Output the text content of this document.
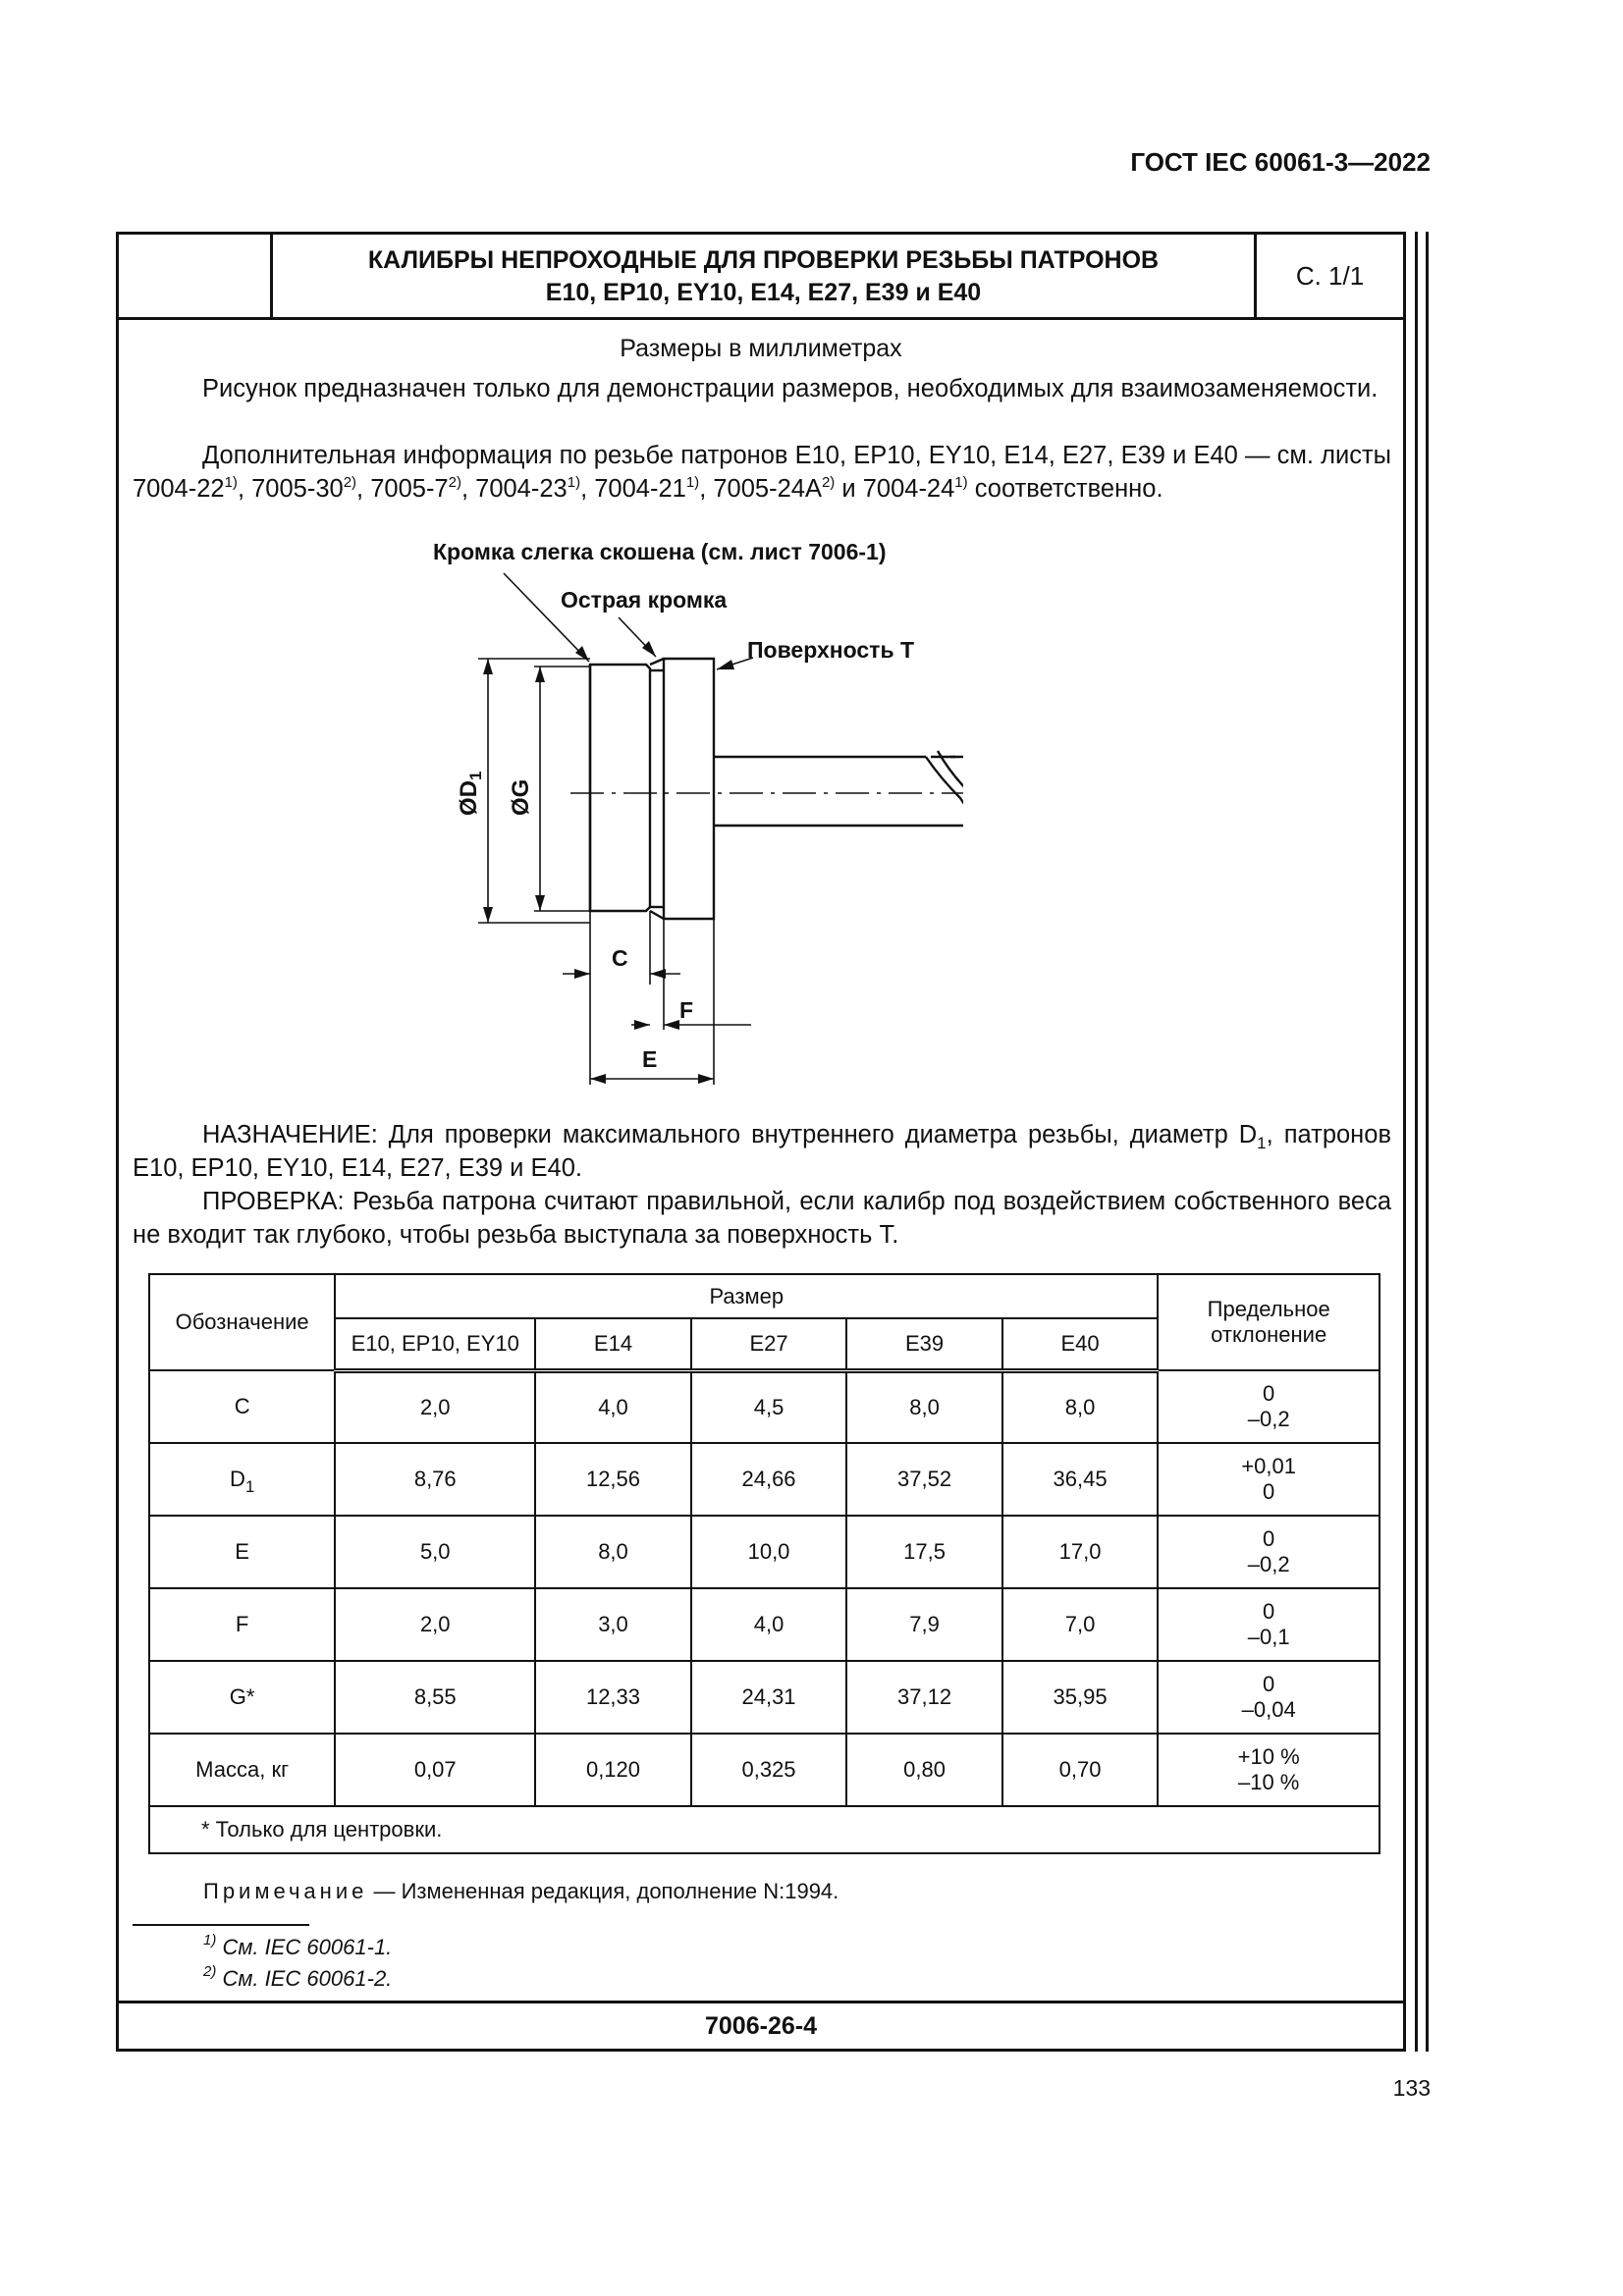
ГОСТ IEC 60061-3—2022
КАЛИБРЫ НЕПРОХОДНЫЕ ДЛЯ ПРОВЕРКИ РЕЗЬБЫ ПАТРОНОВ
E10, EP10, EY10, E14, E27, E39 и E40
С. 1/1
Размеры в миллиметрах
Рисунок предназначен только для демонстрации размеров, необходимых для взаимозаменяемости.
Дополнительная информация по резьбе патронов E10, EP10, EY10, E14, E27, E39 и E40 — см. листы 7004-22$^{1)}$, 7005-30$^{2)}$, 7005-7$^{2)}$, 7004-23$^{1)}$, 7004-21$^{1)}$, $7005-24A^{2)}$ и 7004-24$^{1)}$ соответственно.
Кромка слегка скошена (см. лист 7006-1)
Острая кромка
Поверхность T
C
F
E
$ØD_1$
ØG
НАЗНАЧЕНИЕ: Для проверки максимального внутреннего диаметра резьбы, диаметр $D_1$, патронов E10, EP10, EY10, E14, E27, E39 и E40.
ПРОВЕРКА: Резьба патрона считают правильной, если калибр под воздействием собственного веса не входит так глубоко, чтобы резьба выступала за поверхность T.
Обозначение	Размер					Предельное
отклонение

	E10, EP10, EY10	E14	E27	E39	E40	
C	2,0	4,0	4,5	8,0	8,0	0
–0,2

$D_1$	8,76	12,56	24,66	37,52	36,45	+0,01
0

E	5,0	8,0	10,0	17,5	17,0	0
–0,2

F	2,0	3,0	4,0	7,9	7,0	0
–0,1

G*	8,55	12,33	24,31	37,12	35,95	0
–0,04

Масса, кг	0,07	0,120	0,325	0,80	0,70	+10 %
–10 %

* Только для центровки.						
Примечание — Измененная редакция, дополнение N:1994.
$^{1)}$ См. IEC 60061-1.
$^{2)}$ См. IEC 60061-2.
7006-26-4
133
